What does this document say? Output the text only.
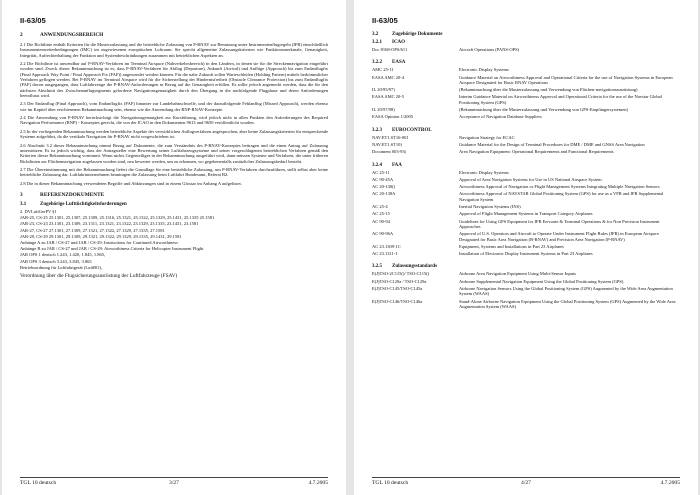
II-63/05
2	ANWENDUNGSBEREICH

2.1 Die Richtlinie enthält Kriterien für die Musterzulassung und die betriebliche Zulassung von P-RNAV zur Benutzung unter Instrumentenflugregeln (IFR) einschließlich Instrumentenwetterbedingungen (IMC) im zugewiesenen europäischen Luftraum. Sie spricht allgemeine Zulassungskriterien wie Funktionsmerkmale, Genauigkeit, Integrität, Aufrechterhaltung der Funktion und Systembeschränkungen zusammen mit betrieblichen Aspekten an.

2.2 Die Richtlinie ist anwendbar auf P-RNAV-Verfahren im Terminal Airspace (Nahverkehrsbereich) in den Ländern, in denen sie für die Streckennavigation eingeführt worden sind. Zweck dieser Bekanntmachung ist es, dass P-RNAV-Verfahren für Abflug (Departure), Ankunft (Arrival) und Anflüge (Approach) bis zum Endanflugfix (Final Approach Way Point / Final Approach Fix (FAF)) angewendet werden können. Für die nahe Zukunft sollen Warteschleifen (Holding Pattern) mittels herkömmlicher Verfahren geflogen werden. Bei P-RNAV im Terminal Airspace wird für die Sicherstellung der Hindernisfreiheit (Obstacle Clearance Protection) bis zum Endanflugfix (FAF) davon ausgegangen, dass Luftfahrzeuge die P-RNAV-Anforderungen in Bezug auf die Genauigkeit erfüllen. Es sollte jedoch angemerkt werden, dass die für den nächsten Abschnitt des Zwischenanflugsegments geforderte Navigationsgenauigkeit durch den Übergang in die nachfolgende Flugphase und deren Anforderungen beeinflusst wird.

2.3 Der Endanflug (Final Approach), vom Endanflugfix (FAF) hinunter zur Landebahnschwelle, und der darauffolgende Fehlanflug (Missed Approach), werden ebenso wie im Kapitel über erschienenen Bekanntmachung sein, ebenso wie die Anwendung der RNP-RNAV-Konzepte.

2.4 Die Anwendung von P-RNAV berücksichtigt die Navigationsgenauigkeit zur Kursführung, wird jedoch nicht in allen Punkten den Anforderungen des Required Navigation Performance (RNP) - Konzeptes gerecht, die von der ICAO in den Dokumenten 9613 und 9650 veröffentlicht wurden.

2.5 In der vorliegenden Bekanntmachung werden betriebliche Aspekte der verwirklichen Anflugverfahren angesprochen, aber keine Zulassungskriterien für entsprechende Systeme aufgeführt, da die vertikale Navigation für P-RNAV nicht vorgeschrieben ist.

2.6 Abschnitt 3.2 dieser Bekanntmachung nimmt Bezug auf Dokumente, die zum Verständnis des P-RNAV-Konzeptes beitragen und die einen Antrag auf Zulassung unterstützen. Es ist jedoch wichtig, dass der Antragsteller eine Bewertung seiner Luftfahrzeugsysteme und seiner vorgeschlagenen betrieblichen Verfahren gemäß den Kriterien dieser Bekanntmachung vornimmt. Wenn nichts Gegenteiliges in der Bekanntmachung ausgeführt wird, dann müssen Systeme und Verfahren, die unter früheren Richtlinien zur Flächennavigation zugelassen worden sind, neu bewertet werden, um zu erkennen, wo gegebenenfalls zusätzlicher Zulassungsbedarf besteht.

2.7 Die Übereinstimmung mit der Bekanntmachung liefert die Grundlage für eine betriebliche Zulassung, um P-RNAV-Verfahren durchzuführen, stellt selbst aber keine betriebliche Zulassung dar. Luftfahrtunternehmen beantragen die Zulassung beim Luftfahrt Bundesamt, Referat B2.

2.8 Die in dieser Bekanntmachung verwendeten Begriffe und Abkürzungen sind in einem Glossar im Anhang A aufgelistet.

3	REFERENZDOKUMENTE
3.1	Zugehörige Lufttüchtigkeitsforderungen
2. DVLuftGerPV §1
JAR-25, CS-25 25.1301, 25.1307, 25.1309, 25.1316, 25.1321, 25.1322, 25.1329, 25.1431, 25.1335 25.1581
JAR-23, CS-23 23.1301, 23.1309, 23.1311, 23.1321, 23.1322, 23.1329, 23.1335, 23.1431, 23.1581
JAR-27, CS-27 27.1301, 27.1309, 27.1321, 27.1322, 27.1329, 27.1335, 27.1581
JAR-29, CS-29 29.1301, 29.1309, 29.1321, 29.1322, 29.1329, 29.1335, 29.1431, 29.1581
Anhänge A zu JAR / CS-27 und JAR / CS-29: Instructions for Continued Airworthiness
Anhänge B zu JAR / CS-27 und JAR / CS-29: Airworthiness Criteria for Helicopter Instrument Flight
JAR OPS 1 deutsch 1.243, 1.420, 1.845, 1.865,
JAR OPS 3 deutsch 3.243, 3.845, 3.865
Betriebsordnung für Luftfahrtgerät (LuftBO),
Verordnung über die Flugsicherungsausrüstung der Luftfahrzeuge (FSAV)
TGL 10 deutsch	3/27	4.7.2005
II-63/05
3.2	Zugehörige Dokumente
3.2.1	ICAO
Doc 8168-OPS/611	Aircraft Operations (PANS-OPS)
3.2.2	EASA
AMC 25-11	Electronic Display Systems
EASA AMC 20-4	Guidance Material on Airworthiness Approval and Operational Criteria for the use of Navigation Systems in European Airspace Designated for Basic RNAV Operations
IL 20/95/97)	(Bekanntmachung über die Musterzulassung und Verwendung von Flächen-navigationsausrüstung)
EASA AMC 20-5	Interim Guidance Material on Airworthiness Approval and Operational Criteria for the use of the Navstar Global Positioning System (GPS)
IL 20/97/98)	(Bekanntmachung über die Musterzulassung und Verwendung von GPS-Empfängersystemen)
EASA Opinion 1/2005	Acceptance of Navigation Database Suppliers
3.2.3	EUROCONTROL
NAV.ET1.ST16-001	Navigation Strategy for ECAC
NAV.ET1.ST10)	Guidance Material for the Design of Terminal Procedures for DME / DME and GNSS Area Navigation
Document 003-93(	Area Navigation Equipment: Operational Requirements and Functional Requirements
3.2.4	FAA
AC 25-11	Electronic Display Systems
AC 90-45A	Approval of Area Navigation Systems for Use in US National Airspace System
AC 20-130()	Airworthiness Approval of Navigation or Flight Management Systems Integrating Multiple Navigation Sensors
AC 20-138A	Airworthiness Approval of NAVSTAR Global Positioning System (GPS) for use as a VFR and IFR Supplemental Navigation System
AC 25-4	Inertial Navigation Systems (INS)
AC 25-15	Approval of Flight Management Systems in Transport Category Airplanes
AC 90-94	Guidelines for Using GPS Equipment for IFR En-route & Terminal Operations & for Non Precision Instrument Approaches
AC 90-96A	Approval of U.S. Operators and Aircraft to Operate Under Instrument Flight Rules (IFR) in European Airspace Designated for Basic Area Navigation (B-RNAV) and Precision Area Navigation (P-RNAV)
AC 23.1309-1C	Equipment, Systems and Installations in Part 23 Airplanes
AC 23.1311-1	Installation of Electronic Display Instrument Systems in Part 23 Airplanes
3.2.5	Zulassungsstandards
E(J)TSO-2C115()/ TSO-C115()	Airborne Area Navigation Equipment Using Multi-Sensor Inputs
E(J)TSO-C129a / TSO-C129a	Airborne Supplemental Navigation Equipment Using the Global Positioning System (GPS)
E(J)TSO-C145/TSO-C145a	Airborne Navigation Sensors Using the Global Positioning System (GPS) Augmented by the Wide Area Augmentation System (WAAS)
E(J)TSO-C146/TSO-C146a	Stand-Alone Airborne Navigation Equipment Using the Global Positioning System (GPS) Augmented by the Wide Area Augmentation System (WAAS)
TGL 10 deutsch	4/27	4.7.2005
